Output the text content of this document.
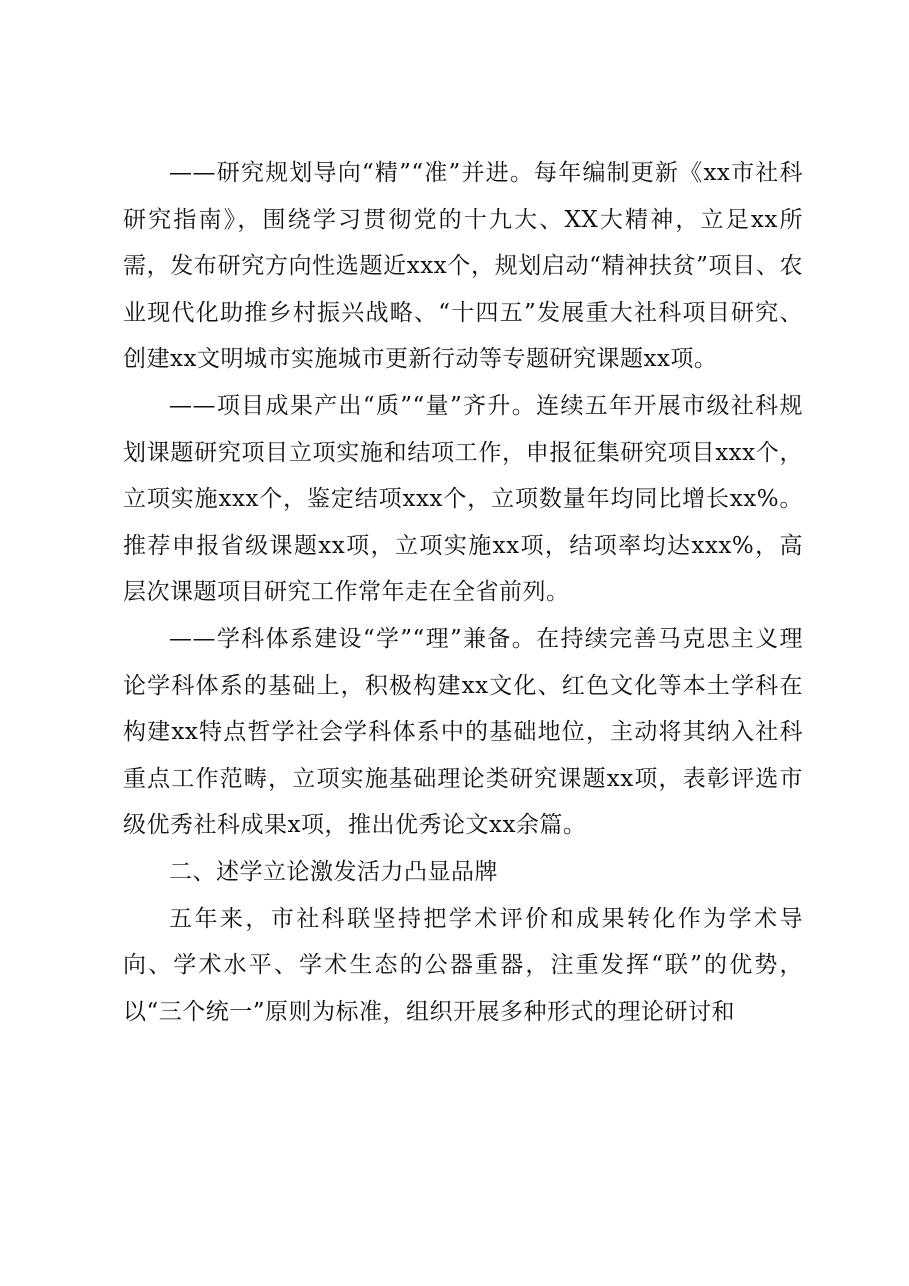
——研究规划导向“精”“准”并进。每年编制更新《xx市社科研究指南》，围绕学习贯彻党的十九大、XX大精神，立足xx所需，发布研究方向性选题近xxx个，规划启动“精神扶贫”项目、农业现代化助推乡村振兴战略、“十四五”发展重大社科项目研究、创建xx文明城市实施城市更新行动等专题研究课题xx项。

——项目成果产出“质”“量”齐升。连续五年开展市级社科规划课题研究项目立项实施和结项工作，申报征集研究项目xxx个，立项实施xxx个，鉴定结项xxx个，立项数量年均同比增长xx%。推荐申报省级课题xx项，立项实施xx项，结项率均达xxx%，高层次课题项目研究工作常年走在全省前列。

——学科体系建设“学”“理”兼备。在持续完善马克思主义理论学科体系的基础上，积极构建xx文化、红色文化等本土学科在构建xx特点哲学社会学科体系中的基础地位，主动将其纳入社科重点工作范畴，立项实施基础理论类研究课题xx项，表彰评选市级优秀社科成果x项，推出优秀论文xx余篇。

二、述学立论激发活力凸显品牌

五年来，市社科联坚持把学术评价和成果转化作为学术导向、学术水平、学术生态的公器重器，注重发挥“联”的优势，以“三个统一”原则为标准，组织开展多种形式的理论研讨和
